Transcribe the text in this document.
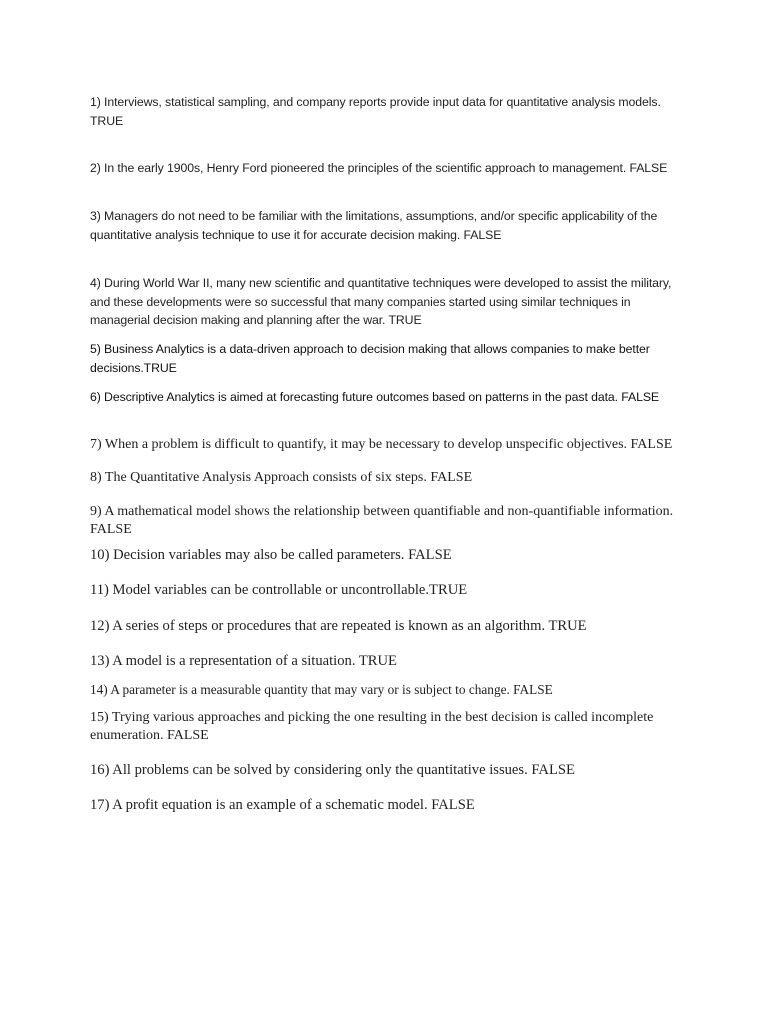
1) Interviews, statistical sampling, and company reports provide input data for quantitative analysis models. TRUE

2) In the early 1900s, Henry Ford pioneered the principles of the scientific approach to management. FALSE

3) Managers do not need to be familiar with the limitations, assumptions, and/or specific applicability of the quantitative analysis technique to use it for accurate decision making. FALSE

4) During World War II, many new scientific and quantitative techniques were developed to assist the military, and these developments were so successful that many companies started using similar techniques in managerial decision making and planning after the war. TRUE

5) Business Analytics is a data-driven approach to decision making that allows companies to make better decisions.TRUE

6) Descriptive Analytics is aimed at forecasting future outcomes based on patterns in the past data. FALSE

7) When a problem is difficult to quantify, it may be necessary to develop unspecific objectives. FALSE

8) The Quantitative Analysis Approach consists of six steps. FALSE

9) A mathematical model shows the relationship between quantifiable and non-quantifiable information. FALSE

10) Decision variables may also be called parameters. FALSE

11) Model variables can be controllable or uncontrollable.TRUE

12) A series of steps or procedures that are repeated is known as an algorithm. TRUE

13) A model is a representation of a situation. TRUE

14) A parameter is a measurable quantity that may vary or is subject to change. FALSE

15) Trying various approaches and picking the one resulting in the best decision is called incomplete enumeration. FALSE

16) All problems can be solved by considering only the quantitative issues. FALSE

17) A profit equation is an example of a schematic model. FALSE
